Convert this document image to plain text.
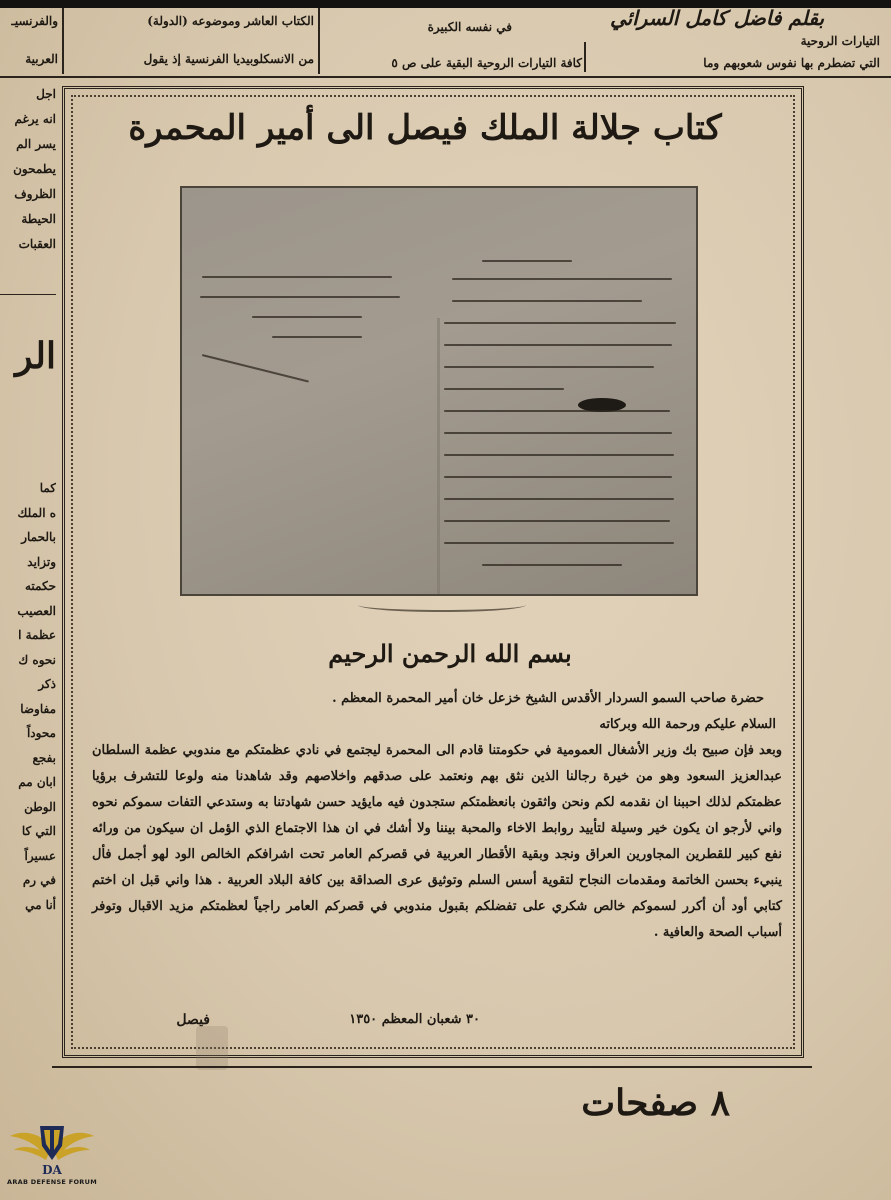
بقلم فاضل کامل السرائي
التيارات الروحية
التي تضطرم بها نفوس شعوبهم وما
في نفسه الكبيرة
كافة التيارات الروحية البقية على ص ٥
الكتاب العاشر وموضوعه (الدولة)
من الانسكلوبيديا الفرنسية إذ يقول
والفرنسيـ
العربية
اجل
انه يرغم
يسر الم
يطمحون
الظروف
الحيطة
العقبات
الر
كما
ه الملك
بالحمار
وتزايد
حكمته
العصيب
عظمة ا
نحوه ك
ذكر
مفاوضا
محوداً
بفجع
ابان مم
الوطن
التي كا
عسيراً
في رم
أنا مي
كتاب جلالة الملك فيصل الى أمير المحمرة
بسم الله الرحمن الرحيم

حضرة صاحب السمو السردار الأقدس الشيخ خزعل خان أمير المحمرة المعظم .

السلام عليكم ورحمة الله وبركاته

وبعد فإن صبيح بك وزير الأشغال العمومية في حكومتنا قادم الى المحمرة ليجتمع في نادي عظمتكم مع مندوبي عظمة السلطان عبدالعزيز السعود وهو من خيرة رجالنا الذين نثق بهم ونعتمد على صدقهم واخلاصهم وقد شاهدنا منه ولوعا للتشرف برؤيا عظمتكم لذلك احببنا ان نقدمه لكم ونحن واثقون بانعظمتكم ستجدون فيه مايؤيد حسن شهادتنا به وستدعي التفات سموكم نحوه واني لأرجو ان يكون خير وسيلة لتأييد روابط الاخاء والمحبة بيننا ولا أشك في ان هذا الاجتماع الذي الؤمل ان سيكون من ورائه نفع كبير للقطرين المجاورين العراق ونجد وبقية الأقطار العربية في قصركم العامر تحت اشرافكم الخالص الود لهو أجمل فأل ينبيء بحسن الخاتمة ومقدمات النجاح لتقوية أسس السلم وتوثيق عرى الصداقة بين كافة البلاد العربية . هذا واني قبل ان اختم كتابي أود أن أكرر لسموكم خالص شكري على تفضلكم بقبول مندوبي في قصركم العامر راجياً لعظمتكم مزيد الاقبال وتوفر أسباب الصحة والعافية .

٣٠ شعبان المعظم ١٣٥٠
فيصل
٨ صفحات
DA
ARAB DEFENSE FORUM
